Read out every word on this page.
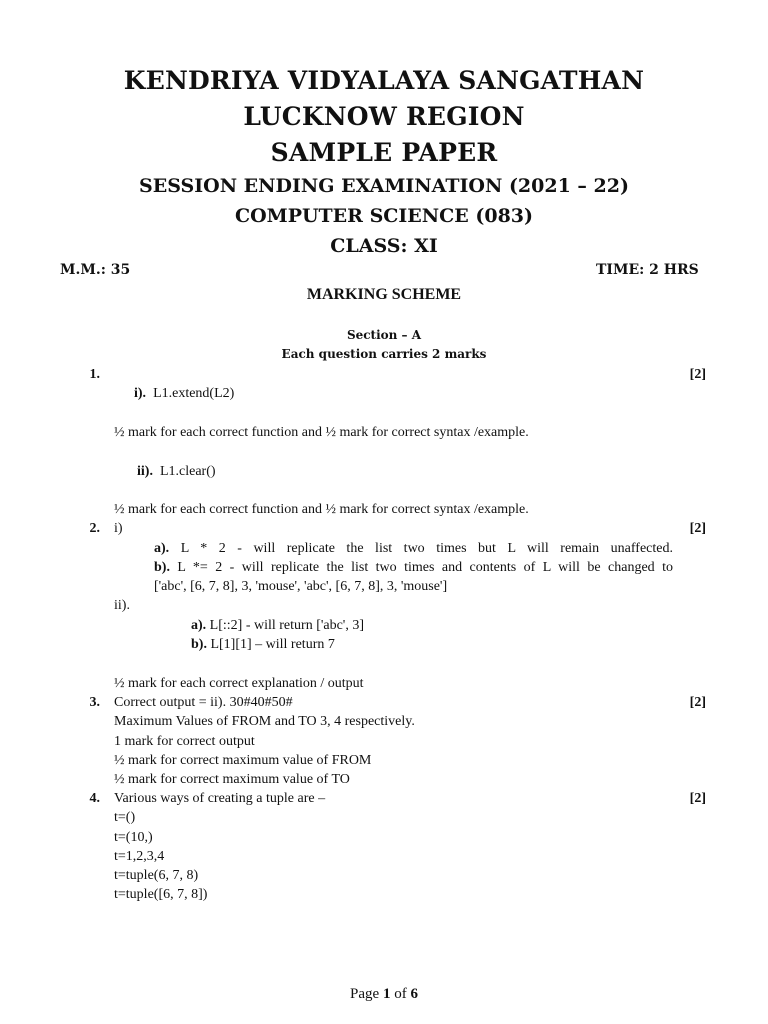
KENDRIYA VIDYALAYA SANGATHAN
LUCKNOW REGION
SAMPLE PAPER
SESSION ENDING EXAMINATION (2021 – 22)
COMPUTER SCIENCE (083)
CLASS: XI
M.M.: 35	TIME: 2 HRS
MARKING SCHEME
Section – A
Each question carries 2 marks
1.	[2]
i). L1.extend(L2)
½ mark for each correct function and ½ mark for correct syntax /example.
ii). L1.clear()
½ mark for each correct function and ½ mark for correct syntax /example.
2.	[2]
i)
a). L * 2 - will replicate the list two times but L will remain unaffected.
b). L *= 2 - will replicate the list two times and contents of L will be changed to
['abc', [6, 7, 8], 3, 'mouse', 'abc', [6, 7, 8], 3, 'mouse']
ii).
a). L[::2] - will return ['abc', 3]
b). L[1][1] – will return 7
½ mark for each correct explanation / output
3.	[2]
Correct output = ii). 30#40#50#
Maximum Values of FROM and TO 3, 4 respectively.
1 mark for correct output
½ mark for correct maximum value of FROM
½ mark for correct maximum value of TO
4.	[2]
Various ways of creating a tuple are –
t=()
t=(10,)
t=1,2,3,4
t=tuple(6, 7, 8)
t=tuple([6, 7, 8])
Page 1 of 6
